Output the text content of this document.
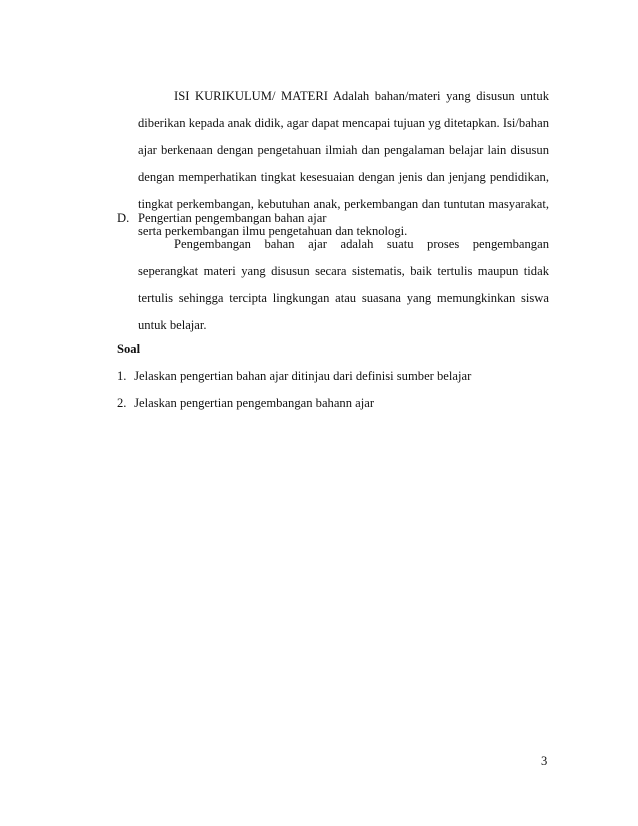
ISI KURIKULUM/ MATERI Adalah bahan/materi yang disusun untuk diberikan kepada anak didik, agar dapat mencapai tujuan yg ditetapkan. Isi/bahan ajar berkenaan dengan pengetahuan ilmiah dan pengalaman belajar lain disusun dengan memperhatikan tingkat kesesuaian dengan jenis dan jenjang pendidikan, tingkat perkembangan, kebutuhan anak, perkembangan dan tuntutan masyarakat, serta perkembangan ilmu pengetahuan dan teknologi.

D. Pengertian pengembangan bahan ajar

Pengembangan bahan ajar adalah suatu proses pengembangan seperangkat materi yang disusun secara sistematis, baik tertulis maupun tidak tertulis sehingga tercipta lingkungan atau suasana yang memungkinkan siswa untuk belajar.

Soal

1. Jelaskan pengertian bahan ajar ditinjau dari definisi sumber belajar
2. Jelaskan pengertian pengembangan bahann ajar
3
